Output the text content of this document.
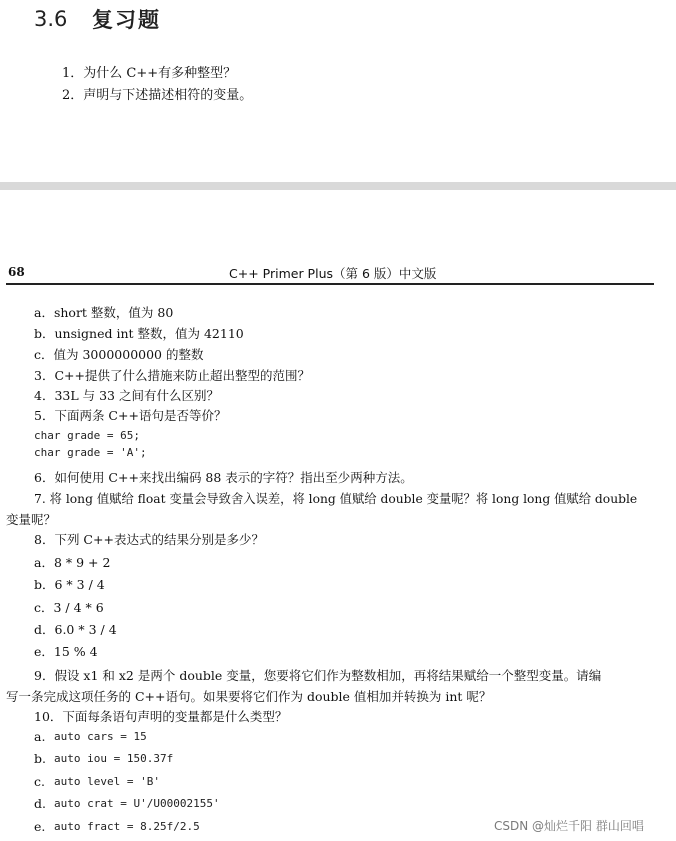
3.6 复习题
1．为什么 C++有多种整型？
2．声明与下述描述相符的变量。
68	C++ Primer Plus（第 6 版）中文版
a．short 整数，值为 80
b．unsigned int 整数，值为 42110
c．值为 3000000000 的整数
3．C++提供了什么措施来防止超出整型的范围？
4．33L 与 33 之间有什么区别？
5．下面两条 C++语句是否等价？
char grade = 65;
char grade = 'A';
6．如何使用 C++来找出编码 88 表示的字符？指出至少两种方法。
7. 将 long 值赋给 float 变量会导致舍入误差，将 long 值赋给 double 变量呢？将 long long 值赋给 double
变量呢？
8．下列 C++表达式的结果分别是多少？
a．8 * 9 + 2
b．6 * 3 / 4
c．3 / 4 * 6
d．6.0 * 3 / 4
e．15 % 4
9．假设 x1 和 x2 是两个 double 变量，您要将它们作为整数相加，再将结果赋给一个整型变量。请编
写一条完成这项任务的 C++语句。如果要将它们作为 double 值相加并转换为 int 呢？
10．下面每条语句声明的变量都是什么类型？
a. auto cars = 15
b. auto iou = 150.37f
c. auto level = 'B'
d. auto crat = U'/U00002155'
e. auto fract = 8.25f/2.5	CSDN @灿烂千阳 群山回唱
